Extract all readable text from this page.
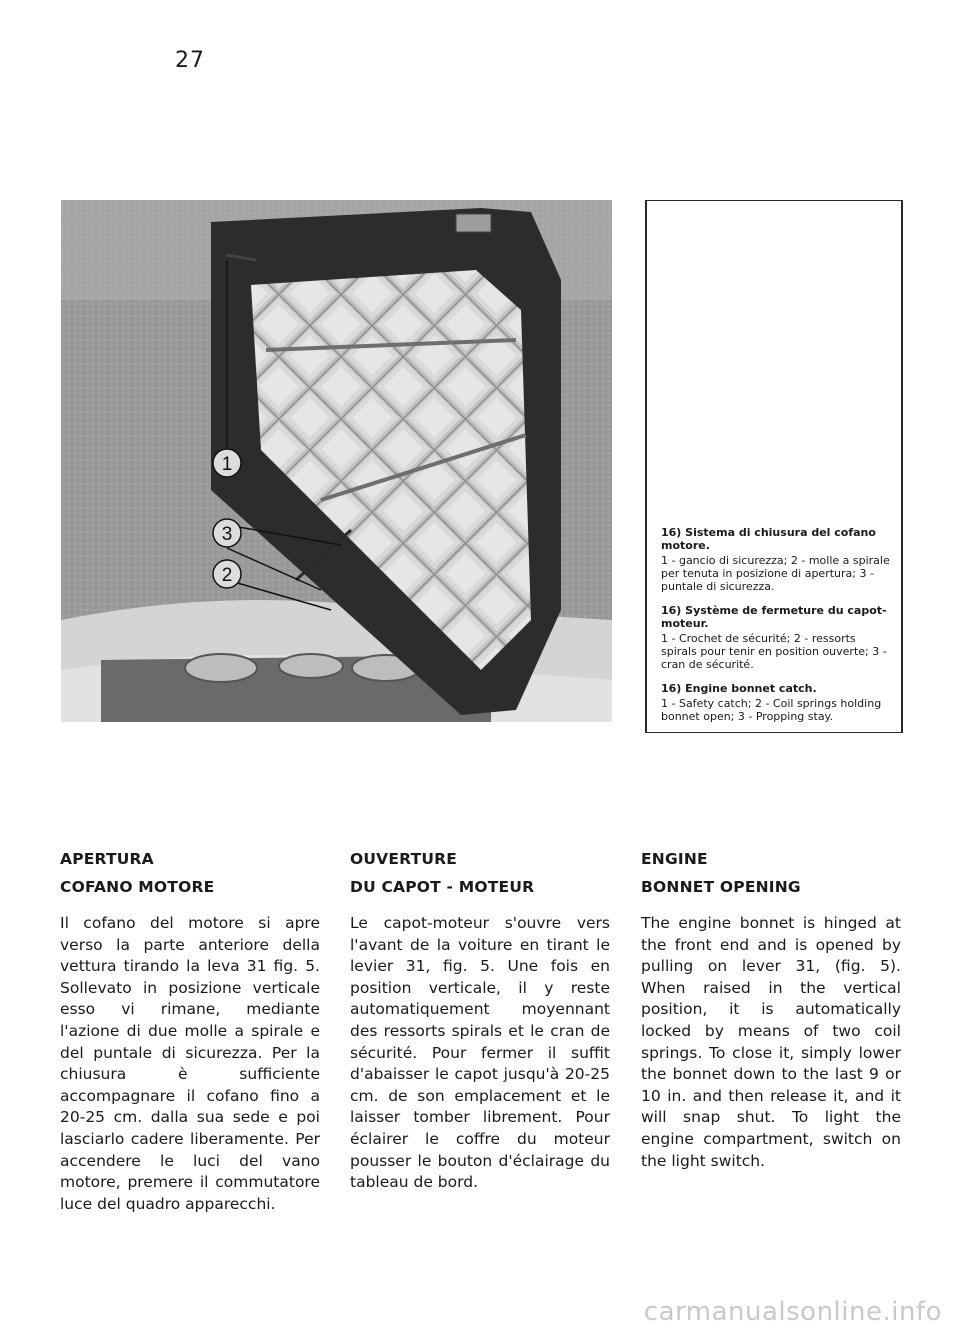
27
1
3
2
16) Sistema di chiusura del cofano motore.
1 - gancio di sicurezza; 2 - molle a spirale per tenuta in posizione di apertura; 3 - puntale di sicurezza.
16) Système de fermeture du capot-moteur.
1 - Crochet de sécurité; 2 - ressorts spirals pour tenir en position ouverte; 3 - cran de sécurité.
16) Engine bonnet catch.
1 - Safety catch; 2 - Coil springs holding bonnet open; 3 - Propping stay.
APERTURA
COFANO MOTORE
Il cofano del motore si apre verso la parte anteriore della vettura tirando la leva 31 fig. 5. Sollevato in posizione verticale esso vi rimane, mediante l'azione di due molle a spirale e del puntale di sicurezza. Per la chiusura è sufficiente accompagnare il cofano fino a 20-25 cm. dalla sua sede e poi lasciarlo cadere liberamente. Per accendere le luci del vano motore, premere il commutatore luce del quadro apparecchi.
OUVERTURE
DU CAPOT - MOTEUR
Le capot-moteur s'ouvre vers l'avant de la voiture en tirant le levier 31, fig. 5. Une fois en position verticale, il y reste automatiquement moyennant des ressorts spirals et le cran de sécurité. Pour fermer il suffit d'abaisser le capot jusqu'à 20-25 cm. de son emplacement et le laisser tomber librement. Pour éclairer le coffre du moteur pousser le bouton d'éclairage du tableau de bord.
ENGINE
BONNET OPENING
The engine bonnet is hinged at the front end and is opened by pulling on lever 31, (fig. 5). When raised in the vertical position, it is automatically locked by means of two coil springs. To close it, simply lower the bonnet down to the last 9 or 10 in. and then release it, and it will snap shut. To light the engine compartment, switch on the light switch.
carmanualsonline.info
